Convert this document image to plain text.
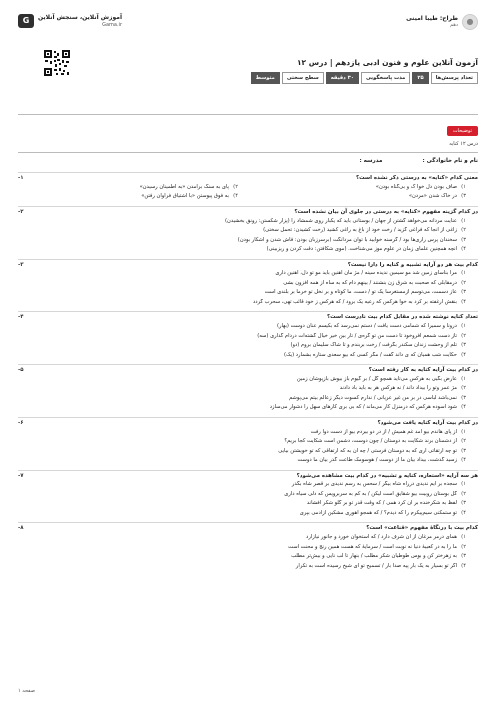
G	آموزش آنلاین، سنجش آنلاین
Gama.ir	●
طراح: طیبا امینی
دهم
آزمون آنلاین علوم و فنون ادبی یازدهم | درس ۱۲
تعداد پرسش‌ها
۲۵
مدت پاسخگویی
۳۰ دقیقه
سطح سختی
متوسط
توضیحات
درس ۱۲ کنایه
نام و نام خانوادگی :
مدرسه :
معنی کدام «کنایه» به درستی ذکر نشده است؟
۱-
۱)
صاف بودن دل خوا ک و بی‌گناه بودن»
۲)
پای به سنگ برآمدن «به اطمینان رسیدن»
۳)
در خاک شدن «مردن»
۴)
به فوق پیوستن «با اشتیاق فراوان رفتن»
در کدام گزینه مفهوم «کنایه» به درستی در جلوی آن بیان نشده است؟
۲-
۱)
عنایت مردانه می‌خواهد گشتن از جهان / بوستانی باید که یکبار روی شمشاد را (پزار شکستن: رونق بخشیدن)
۲)
زاغی از آنجا که فراغی گزید / رخت خود از باغ به راغی کشید (رخت کشیدن: تحمل سختی)
۳)
سخندان پرس راری‌ها بود / گرسنه خوابید با توان مردانگت (برسرزبان بودن: فاش شدن و آشکار بودن)
۴)
آنچه همچنین علمای زمان در علوم موز می‌شناخت. (موی شکافتن: دقت کردن و ریزبینی)
کدام بیت هر دو آرایه تشبیه و کنایه را دارا نیست؟
۳-
۱)
مرا بناسای زمین شد مو سیمین ندیده سینه / مژ مان آهنین باید مو تو دل، آهنین داری
۲)
درمقابلی که صحبت به شرق زن بنشنند / بینهم دام که به ساه از همه افزون بشی
۳)
عاز دسمت، می‌توسم ازمستغرسا یک تو / دست، ما کوتاه و بر نخل تو خرما بر بلندی است
۴)
بنقش ارغفته بر کرد به خوا هرکس که رعیه یک برود / که هرکس ز خود قائب تهی، سحرب گردد
تعداد کنایه نوشته شده در مقابل کدام بیت نادرست است؟
۴-
۱)
درونا و سمیرا که شمامی دست یافت / دستم نمی‌رسد که بکیسم عنان دوست (بهار)
۲)
تاز دست شمعم افروخوذ تا دست من تو گره‌ی / تار بین خیر خیال گشته‌ات دردام گذاری (سه)
۳)
تلم از وحشت زندان سکندر بگرفت / رخت بربندم و تا شاک سلیمان بروم (دو)
۴)
حکایت شب همیان که ی داند گفت / مگر کسی که بیو سعدی ستاره بشمارد (یک)
در کدام بیت آرایه کنایه به کار رفته است؟
۵-
۱)
عارض بگیی به هرکس می‌تاید همچو گل / بر گیوم باز بیوش بازپوشان زمین
۲)
مژ عمر وتو را بیداد داند / نه هرکس هر به باید باد دادند
۳)
نمی‌باشد لباسی در بر من غیر عریانی / ندارم کسوت دیگر زعالم بیتم می‌پوشم
۴)
شود آسوده هرکس که درمنزل کار می‌ماند / که بی بری کارهای سهل را دشوار می‌سازد
در کدام بیت آرایه کنایه یافت می‌شود؟
۶-
۱)
از پای هاندم بیو آمد غم همیش / از در دو بیردم بیو از دست دوا رفت
۲)
از دشمنان برند شکایت به دوستان / چون دوست، دشمن است شکایت کجا بریم؟
۳)
تو چه ارتقاتی آری که به دوستان فرستی / چه آن به که ارتفاقی که تو خویشتن بیایی
۴)
زسید گذشت، بیداد بیان ما از دوست / هوسومک طاعت گذر بیان ما دوست
هر سه آرایه «استعاره، کنایه و تشبیه» در کدام بیت مشاهده می‌شود؟
۷-
۱)
سجده بر ایم ندیدی درراه شاه بیگر / سحس به رسم ندیدی بر قصر شاه بگذر
۲)
گل بوستان روبیت بیو شقایق است لیکن / به کم به سربرویس که دلی سیاه داری
۳)
لفظ به شکرخنده بر آن کرد همی / که وقت قدر تو بر گلو شکر افشاند
۴)
تو ستمکنی سیم‌پیکرم را که دیدم؟ / که همجو اهوری مشکین ازآدمی بپری
کدام بیت با درنگاهٔ مفهوم «قناعت» است؟
۸-
۱)
همای درمر مرغان از آن شرف دارد / که استخوان خورد و جانور نیازارد
۲)
ما را به در کعبیهٔ دنیا نه نوبت است / سرمایهٔ که هست همین رنج و محنت است
۳)
به زهرختر کن و بوس طوطیان شکر مطلب / بنهار تا لب نایی و بیش‌تر مطلب
۴)
اگر تو بسیار به یک بار پیه صدا بار / تسمیح تو ای شیخ رسیده است به تکرار
صفحه ۱
